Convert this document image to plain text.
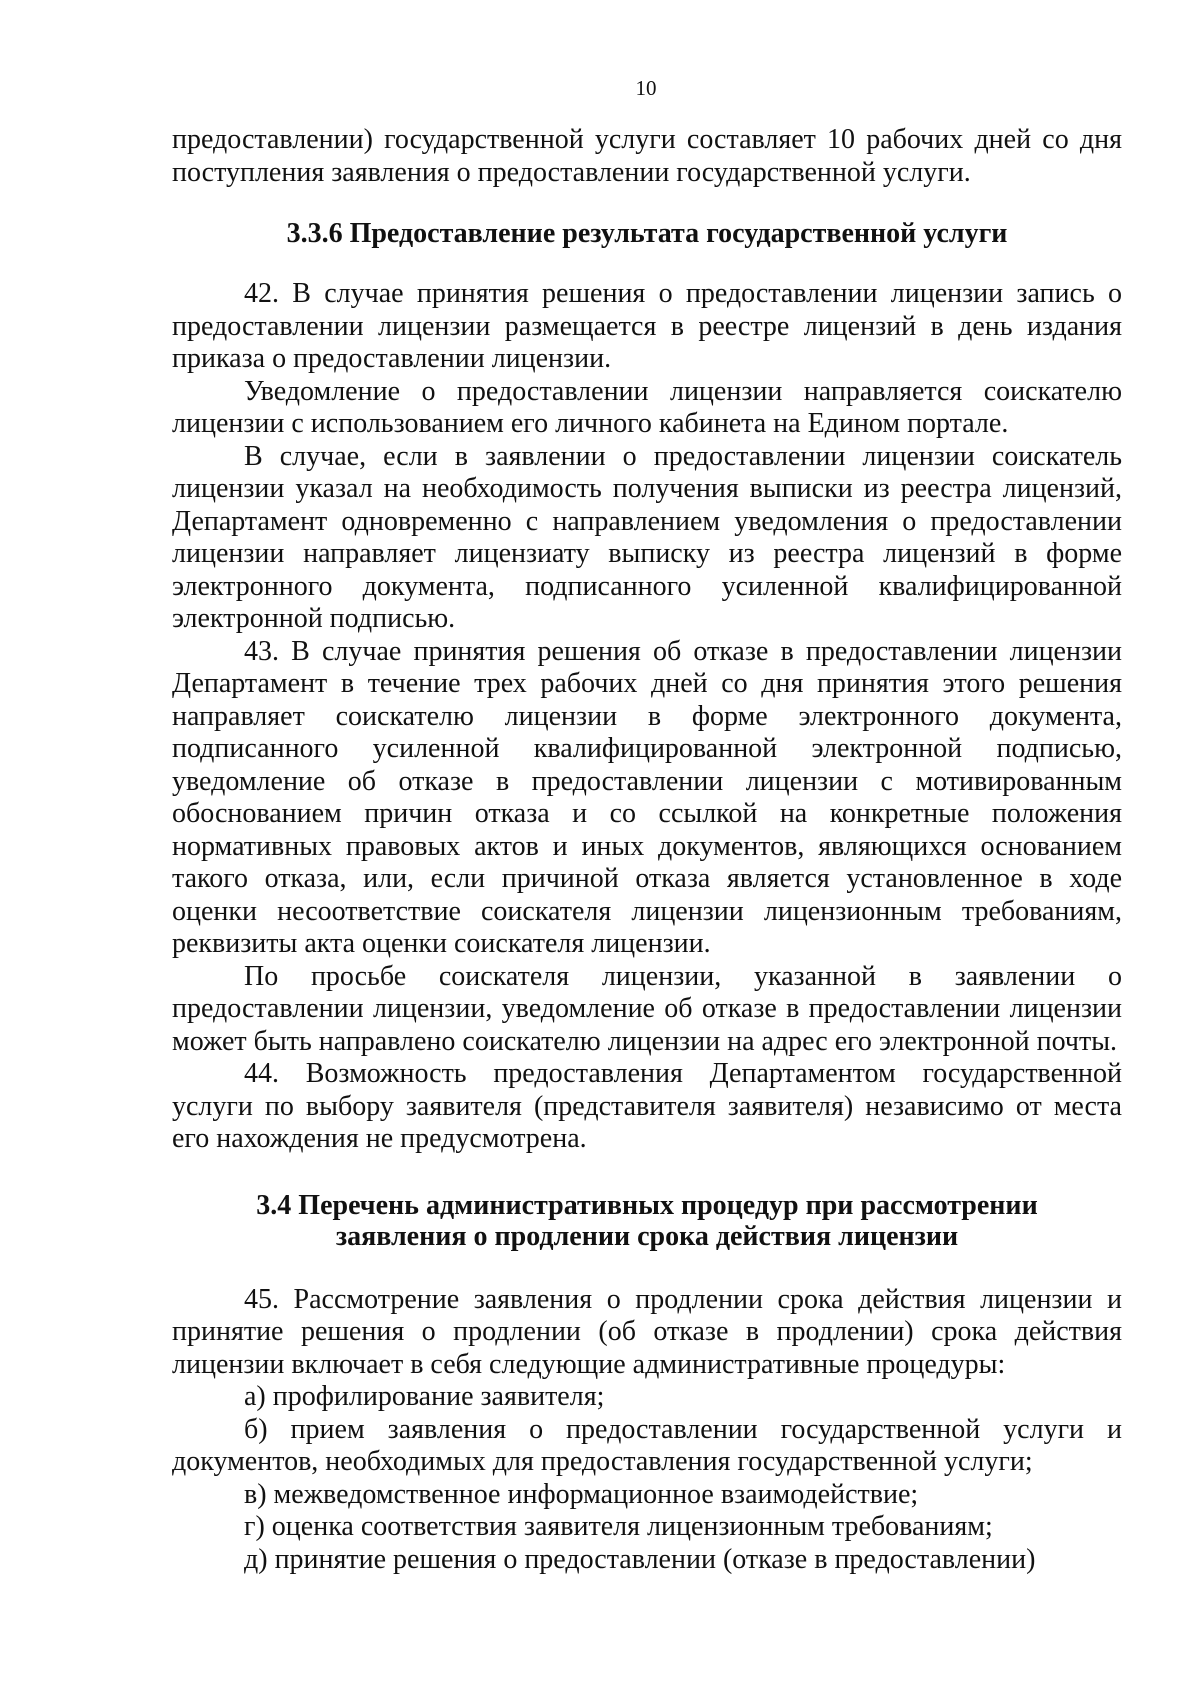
10

предоставлении) государственной услуги составляет 10 рабочих дней со дня поступления заявления о предоставлении государственной услуги.

3.3.6 Предоставление результата государственной услуги

42. В случае принятия решения о предоставлении лицензии запись о предоставлении лицензии размещается в реестре лицензий в день издания приказа о предоставлении лицензии.

Уведомление о предоставлении лицензии направляется соискателю лицензии с использованием его личного кабинета на Едином портале.

В случае, если в заявлении о предоставлении лицензии соискатель лицензии указал на необходимость получения выписки из реестра лицензий, Департамент одновременно с направлением уведомления о предоставлении лицензии направляет лицензиату выписку из реестра лицензий в форме электронного документа, подписанного усиленной квалифицированной электронной подписью.

43. В случае принятия решения об отказе в предоставлении лицензии Департамент в течение трех рабочих дней со дня принятия этого решения направляет соискателю лицензии в форме электронного документа, подписанного усиленной квалифицированной электронной подписью, уведомление об отказе в предоставлении лицензии с мотивированным обоснованием причин отказа и со ссылкой на конкретные положения нормативных правовых актов и иных документов, являющихся основанием такого отказа, или, если причиной отказа является установленное в ходе оценки несоответствие соискателя лицензии лицензионным требованиям, реквизиты акта оценки соискателя лицензии.

По просьбе соискателя лицензии, указанной в заявлении о предоставлении лицензии, уведомление об отказе в предоставлении лицензии может быть направлено соискателю лицензии на адрес его электронной почты.

44. Возможность предоставления Департаментом государственной услуги по выбору заявителя (представителя заявителя) независимо от места его нахождения не предусмотрена.

3.4 Перечень административных процедур при рассмотрении
заявления о продлении срока действия лицензии

45. Рассмотрение заявления о продлении срока действия лицензии и принятие решения о продлении (об отказе в продлении) срока действия лицензии включает в себя следующие административные процедуры:

а) профилирование заявителя;

б) прием заявления о предоставлении государственной услуги и документов, необходимых для предоставления государственной услуги;

в) межведомственное информационное взаимодействие;

г) оценка соответствия заявителя лицензионным требованиям;

д) принятие решения о предоставлении (отказе в предоставлении)
